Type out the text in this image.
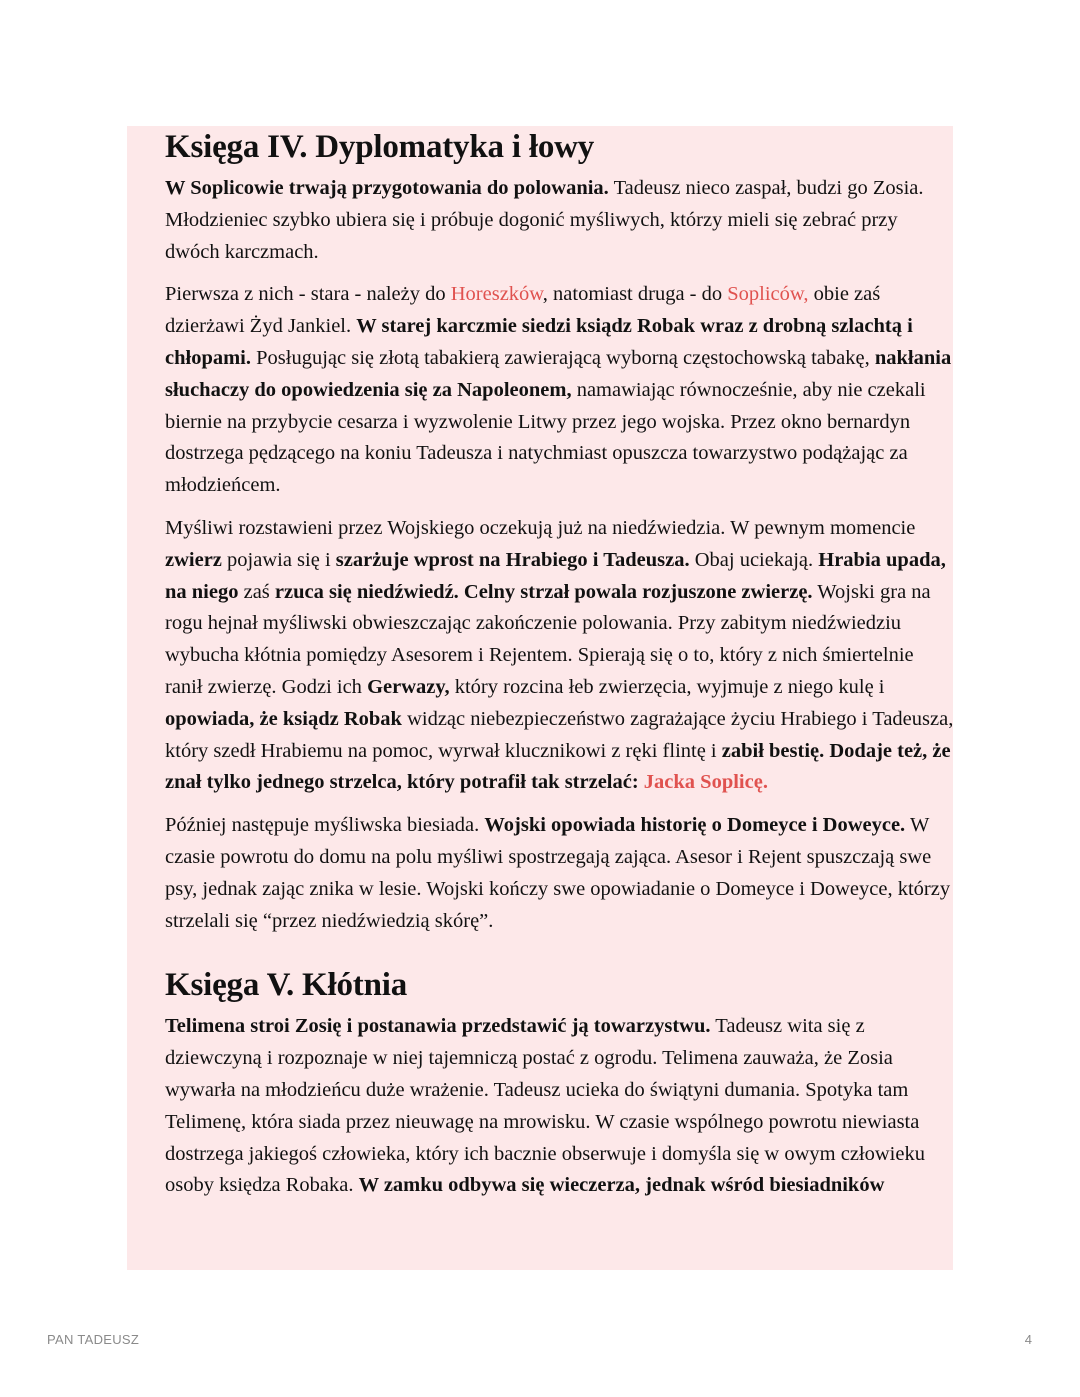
Księga IV. Dyplomatyka i łowy

W Soplicowie trwają przygotowania do polowania. Tadeusz nieco zaspał, budzi go Zosia. Młodzieniec szybko ubiera się i próbuje dogonić myśliwych, którzy mieli się zebrać przy dwóch karczmach.

Pierwsza z nich - stara - należy do Horeszków, natomiast druga - do Sopliców, obie zaś dzierżawi Żyd Jankiel. W starej karczmie siedzi ksiądz Robak wraz z drobną szlachtą i chłopami. Posługując się złotą tabakierą zawierającą wyborną częstochowską tabakę, nakłania słuchaczy do opowiedzenia się za Napoleonem, namawiając równocześnie, aby nie czekali biernie na przybycie cesarza i wyzwolenie Litwy przez jego wojska. Przez okno bernardyn dostrzega pędzącego na koniu Tadeusza i natychmiast opuszcza towarzystwo podążając za młodzieńcem.

Myśliwi rozstawieni przez Wojskiego oczekują już na niedźwiedzia. W pewnym momencie zwierz pojawia się i szarżuje wprost na Hrabiego i Tadeusza. Obaj uciekają. Hrabia upada, na niego zaś rzuca się niedźwiedź. Celny strzał powala rozjuszone zwierzę. Wojski gra na rogu hejnał myśliwski obwieszczając zakończenie polowania. Przy zabitym niedźwiedziu wybucha kłótnia pomiędzy Asesorem i Rejentem. Spierają się o to, który z nich śmiertelnie ranił zwierzę. Godzi ich Gerwazy, który rozcina łeb zwierzęcia, wyjmuje z niego kulę i opowiada, że ksiądz Robak widząc niebezpieczeństwo zagrażające życiu Hrabiego i Tadeusza, który szedł Hrabiemu na pomoc, wyrwał klucznikowi z ręki flintę i zabił bestię. Dodaje też, że znał tylko jednego strzelca, który potrafił tak strzelać: Jacka Soplicę.

Później następuje myśliwska biesiada. Wojski opowiada historię o Domeyce i Doweyce. W czasie powrotu do domu na polu myśliwi spostrzegają zająca. Asesor i Rejent spuszczają swe psy, jednak zając znika w lesie. Wojski kończy swe opowiadanie o Domeyce i Doweyce, którzy strzelali się “przez niedźwiedzią skórę”.

Księga V. Kłótnia

Telimena stroi Zosię i postanawia przedstawić ją towarzystwu. Tadeusz wita się z dziewczyną i rozpoznaje w niej tajemniczą postać z ogrodu. Telimena zauważa, że Zosia wywarła na młodzieńcu duże wrażenie. Tadeusz ucieka do świątyni dumania. Spotyka tam Telimenę, która siada przez nieuwagę na mrowisku. W czasie wspólnego powrotu niewiasta dostrzega jakiegoś człowieka, który ich bacznie obserwuje i domyśla się w owym człowieku osoby księdza Robaka. W zamku odbywa się wieczerza, jednak wśród biesiadników

PAN TADEUSZ	4
